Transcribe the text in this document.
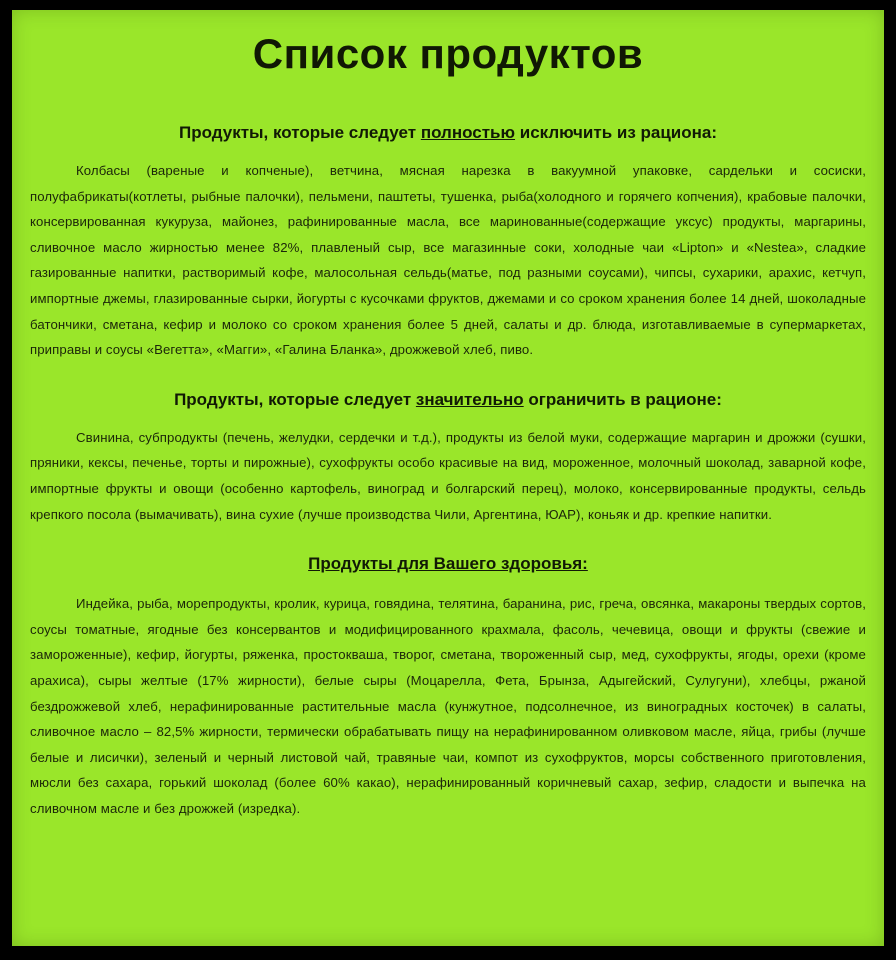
Список продуктов
Продукты, которые следует полностью исключить из рациона:

Колбасы (вареные и копченые), ветчина, мясная нарезка в вакуумной упаковке, сардельки и сосиски, полуфабрикаты(котлеты, рыбные палочки), пельмени, паштеты, тушенка, рыба(холодного и горячего копчения), крабовые палочки, консервированная кукуруза, майонез, рафинированные масла, все маринованные(содержащие уксус) продукты, маргарины, сливочное масло жирностью менее 82%, плавленый сыр, все магазинные соки, холодные чаи «Lipton» и «Nestea», сладкие газированные напитки, растворимый кофе, малосольная сельдь(матье, под разными соусами), чипсы, сухарики, арахис, кетчуп, импортные джемы, глазированные сырки, йогурты с кусочками фруктов, джемами и со сроком хранения более 14 дней, шоколадные батончики, сметана, кефир и молоко со сроком хранения более 5 дней, салаты и др. блюда, изготавливаемые в супермаркетах, приправы и соусы «Вегетта», «Магги», «Галина Бланка», дрожжевой хлеб, пиво.

Продукты, которые следует значительно ограничить в рационе:

Свинина, субпродукты (печень, желудки, сердечки и т.д.), продукты из белой муки, содержащие маргарин и дрожжи (сушки, пряники, кексы, печенье, торты и пирожные), сухофрукты особо красивые на вид, мороженное, молочный шоколад, заварной кофе, импортные фрукты и овощи (особенно картофель, виноград и болгарский перец), молоко, консервированные продукты, сельдь крепкого посола (вымачивать), вина сухие (лучше производства Чили, Аргентина, ЮАР), коньяк и др. крепкие напитки.

Продукты для Вашего здоровья:

Индейка, рыба, морепродукты, кролик, курица, говядина, телятина, баранина, рис, греча, овсянка, макароны твердых сортов, соусы томатные, ягодные без консервантов и модифицированного крахмала, фасоль, чечевица, овощи и фрукты (свежие и замороженные), кефир, йогурты, ряженка, простокваша, творог, сметана, твороженный сыр, мед, сухофрукты, ягоды, орехи (кроме арахиса), сыры желтые (17% жирности), белые сыры (Моцарелла, Фета, Брынза, Адыгейский, Сулугуни), хлебцы, ржаной бездрожжевой хлеб, нерафинированные растительные масла (кунжутное, подсолнечное, из виноградных косточек) в салаты, сливочное масло – 82,5% жирности, термически обрабатывать пищу на нерафинированном оливковом масле, яйца, грибы (лучше белые и лисички), зеленый и черный листовой чай, травяные чаи, компот из сухофруктов, морсы собственного приготовления, мюсли без сахара, горький шоколад (более 60% какао), нерафинированный коричневый сахар, зефир, сладости и выпечка на сливочном масле и без дрожжей (изредка).
